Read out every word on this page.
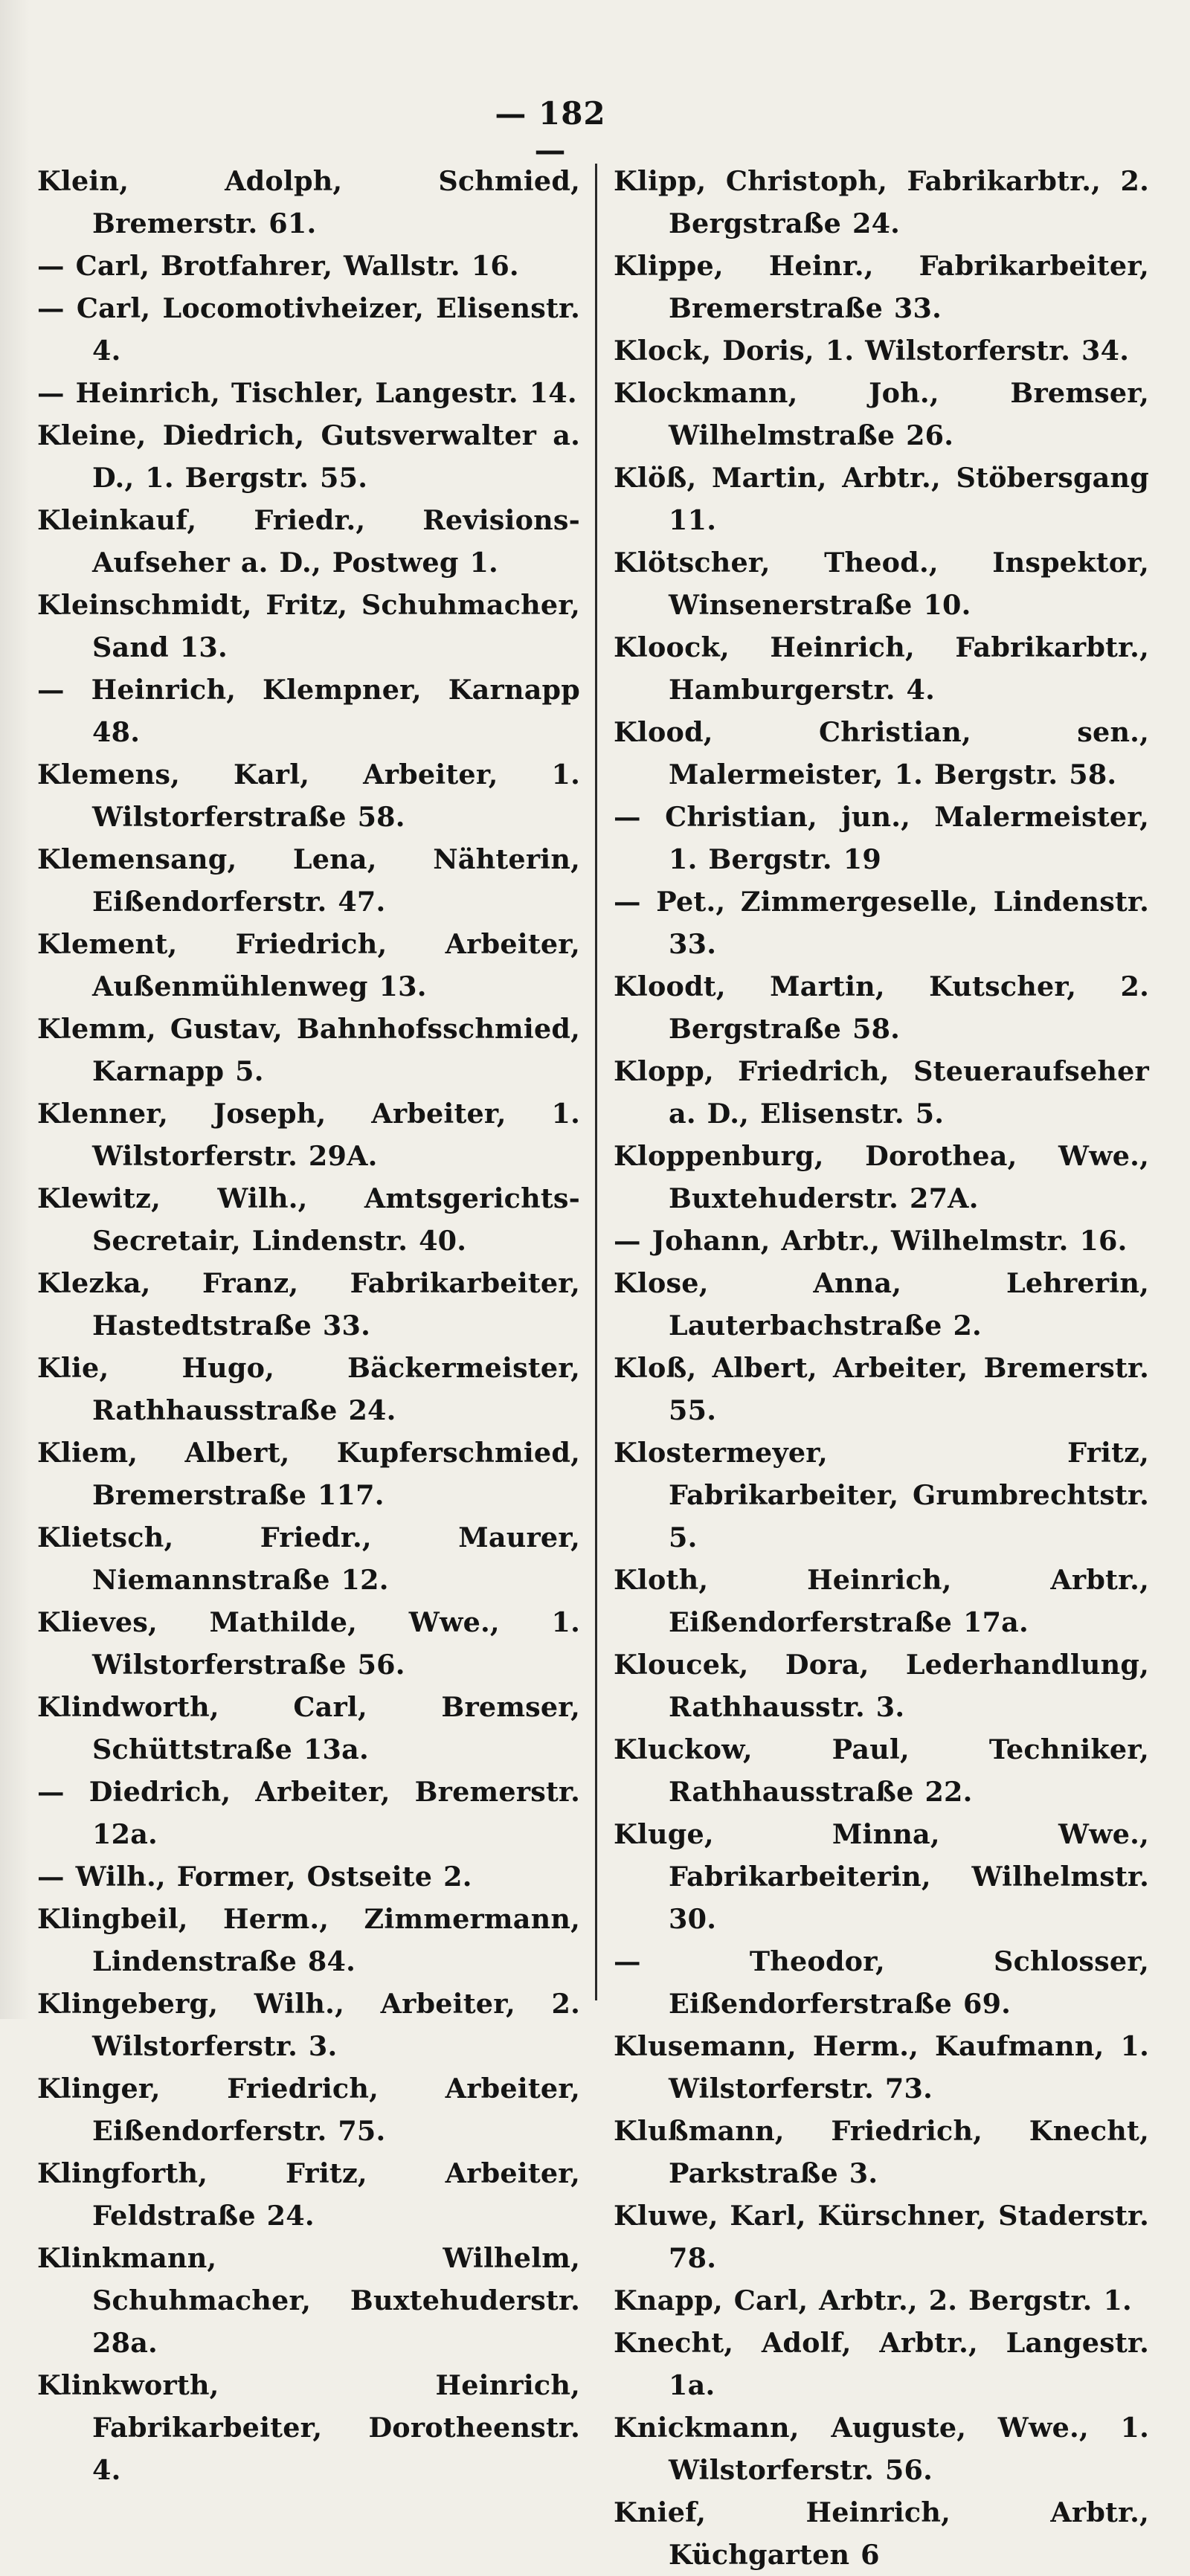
— 182 —

Klein, Adolph, Schmied, Bremerstr. 61.

— Carl, Brotfahrer, Wallstr. 16.

— Carl, Locomotivheizer, Elisenstr. 4.

— Heinrich, Tischler, Langestr. 14.

Kleine, Diedrich, Gutsverwalter a. D., 1. Bergstr. 55.

Kleinkauf, Friedr., Revisions-Aufseher a. D., Postweg 1.

Kleinschmidt, Fritz, Schuhmacher, Sand 13.

— Heinrich, Klempner, Karnapp 48.

Klemens, Karl, Arbeiter, 1. Wilstorferstraße 58.

Klemensang, Lena, Nähterin, Eißendorferstr. 47.

Klement, Friedrich, Arbeiter, Außenmühlenweg 13.

Klemm, Gustav, Bahnhofsschmied, Karnapp 5.

Klenner, Joseph, Arbeiter, 1. Wilstorferstr. 29A.

Klewitz, Wilh., Amtsgerichts-Secretair, Lindenstr. 40.

Klezka, Franz, Fabrikarbeiter, Hastedtstraße 33.

Klie, Hugo, Bäckermeister, Rathhausstraße 24.

Kliem, Albert, Kupferschmied, Bremerstraße 117.

Klietsch, Friedr., Maurer, Niemannstraße 12.

Klieves, Mathilde, Wwe., 1. Wilstorferstraße 56.

Klindworth, Carl, Bremser, Schüttstraße 13a.

— Diedrich, Arbeiter, Bremerstr. 12a.

— Wilh., Former, Ostseite 2.

Klingbeil, Herm., Zimmermann, Lindenstraße 84.

Klingeberg, Wilh., Arbeiter, 2. Wilstorferstr. 3.

Klinger, Friedrich, Arbeiter, Eißendorferstr. 75.

Klingforth, Fritz, Arbeiter, Feldstraße 24.

Klinkmann, Wilhelm, Schuhmacher, Buxtehuderstr. 28a.

Klinkworth, Heinrich, Fabrikarbeiter, Dorotheenstr. 4.

Klipp, Christoph, Fabrikarbtr., 2. Bergstraße 24.

Klippe, Heinr., Fabrikarbeiter, Bremerstraße 33.

Klock, Doris, 1. Wilstorferstr. 34.

Klockmann, Joh., Bremser, Wilhelmstraße 26.

Klöß, Martin, Arbtr., Stöbersgang 11.

Klötscher, Theod., Inspektor, Winsenerstraße 10.

Kloock, Heinrich, Fabrikarbtr., Hamburgerstr. 4.

Klood, Christian, sen., Malermeister, 1. Bergstr. 58.

— Christian, jun., Malermeister, 1. Bergstr. 19

— Pet., Zimmergeselle, Lindenstr. 33.

Kloodt, Martin, Kutscher, 2. Bergstraße 58.

Klopp, Friedrich, Steueraufseher a. D., Elisenstr. 5.

Kloppenburg, Dorothea, Wwe., Buxtehuderstr. 27A.

— Johann, Arbtr., Wilhelmstr. 16.

Klose, Anna, Lehrerin, Lauterbachstraße 2.

Kloß, Albert, Arbeiter, Bremerstr. 55.

Klostermeyer, Fritz, Fabrikarbeiter, Grumbrechtstr. 5.

Kloth, Heinrich, Arbtr., Eißendorferstraße 17a.

Kloucek, Dora, Lederhandlung, Rathhausstr. 3.

Kluckow, Paul, Techniker, Rathhausstraße 22.

Kluge, Minna, Wwe., Fabrikarbeiterin, Wilhelmstr. 30.

— Theodor, Schlosser, Eißendorferstraße 69.

Klusemann, Herm., Kaufmann, 1. Wilstorferstr. 73.

Klußmann, Friedrich, Knecht, Parkstraße 3.

Kluwe, Karl, Kürschner, Staderstr. 78.

Knapp, Carl, Arbtr., 2. Bergstr. 1.

Knecht, Adolf, Arbtr., Langestr. 1a.

Knickmann, Auguste, Wwe., 1. Wilstorferstr. 56.

Knief, Heinrich, Arbtr., Küchgarten 6
